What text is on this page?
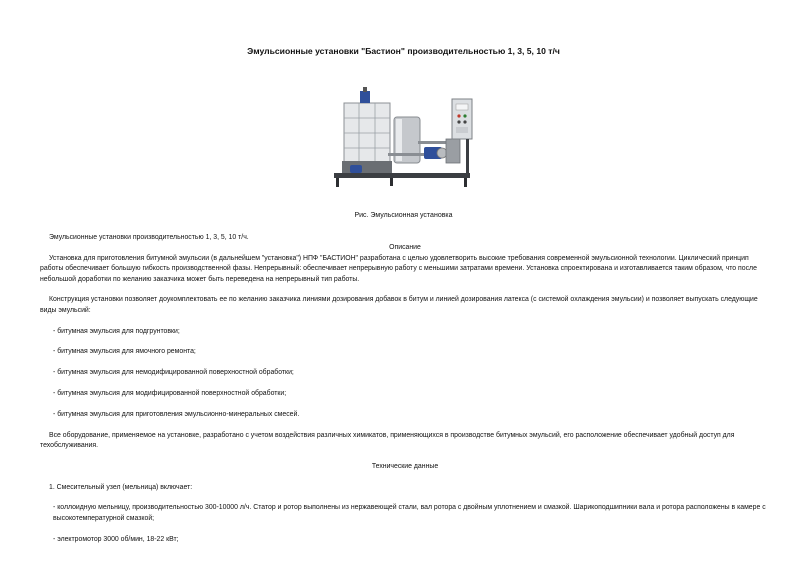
Эмульсионные установки "Бастион" производительностью 1, 3, 5, 10 т/ч
Рис. Эмульсионная установка

Эмульсионные установки производительностью 1, 3, 5, 10 т/ч.

Описание

Установка для приготовления битумной эмульсии (в дальнейшем "установка") НПФ "БАСТИОН" разработана с целью удовлетворить высокие требования современной эмульсионной технологии. Циклический принцип работы обеспечивает большую гибкость производственной фазы. Непрерывный: обеспечивает непрерывную работу с меньшими затратами времени. Установка спроектирована и изготавливается таким образом, что после небольшой доработки по желанию заказчика может быть переведена на непрерывный тип работы.

Конструкция установки позволяет доукомплектовать ее по желанию заказчика линиями дозирования добавок в битум и линией дозирования латекса (с системой охлаждения эмульсии) и позволяет выпускать следующие виды эмульсий:

- битумная эмульсия для подгрунтовки;

- битумная эмульсия для ямочного ремонта;

- битумная эмульсия для немодифицированной поверхностной обработки;

- битумная эмульсия для модифицированной поверхностной обработки;

- битумная эмульсия для приготовления эмульсионно-минеральных смесей.

Все оборудование, применяемое на установке, разработано с учетом воздействия различных химикатов, применяющихся в производстве битумных эмульсий, его расположение обеспечивает удобный доступ для техобслуживания.

Технические данные

1. Смесительный узел (мельница) включает:

- коллоидную мельницу, производительностью 300-10000 л/ч. Статор и ротор выполнены из нержавеющей стали, вал ротора с двойным уплотнением и смазкой. Шарикоподшипники вала и ротора расположены в камере с высокотемпературной смазкой;

- электромотор 3000 об/мин, 18-22 кВт;
